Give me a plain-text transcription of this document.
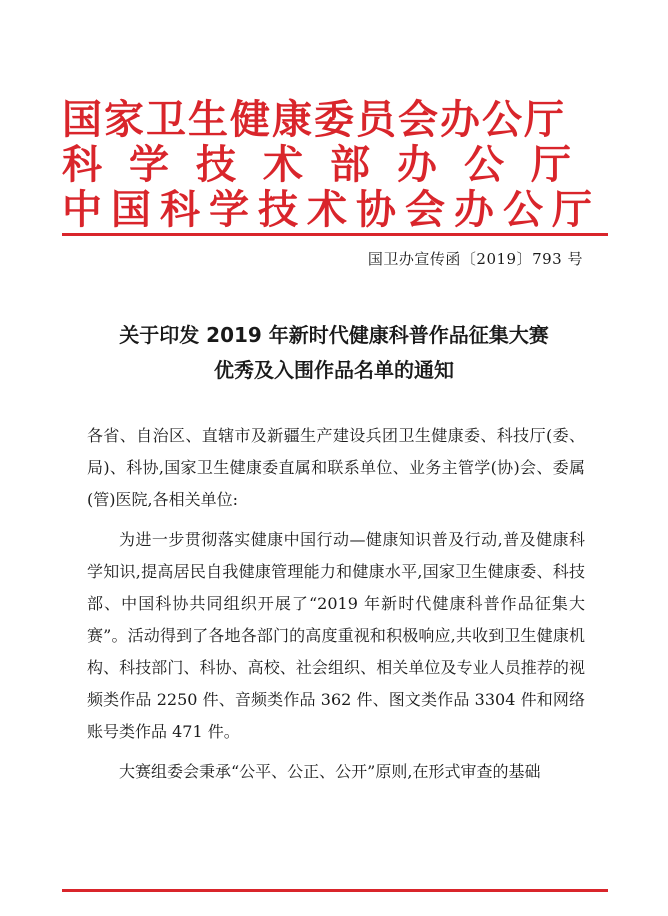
国家卫生健康委员会办公厅
科学技术部办公厅
中国科学技术协会办公厅
国卫办宣传函〔2019〕793 号
关于印发 2019 年新时代健康科普作品征集大赛
优秀及入围作品名单的通知

各省、自治区、直辖市及新疆生产建设兵团卫生健康委、科技厅(委、局)、科协,国家卫生健康委直属和联系单位、业务主管学(协)会、委属(管)医院,各相关单位:

为进一步贯彻落实健康中国行动—健康知识普及行动,普及健康科学知识,提高居民自我健康管理能力和健康水平,国家卫生健康委、科技部、中国科协共同组织开展了“2019 年新时代健康科普作品征集大赛”。活动得到了各地各部门的高度重视和积极响应,共收到卫生健康机构、科技部门、科协、高校、社会组织、相关单位及专业人员推荐的视频类作品 2250 件、音频类作品 362 件、图文类作品 3304 件和网络账号类作品 471 件。

大赛组委会秉承“公平、公正、公开”原则,在形式审查的基础
